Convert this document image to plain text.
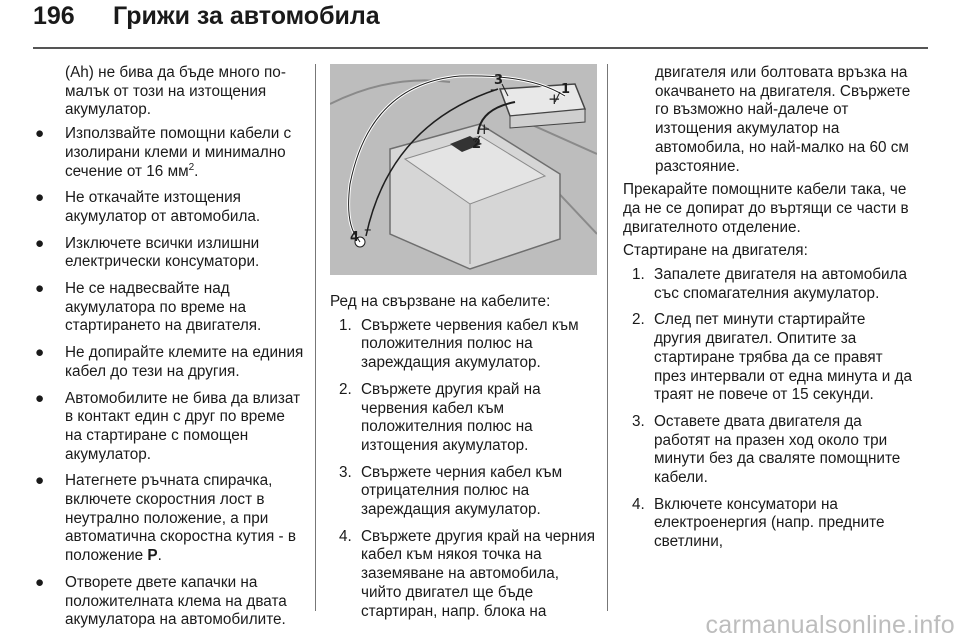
196 Грижи за автомобила

(Ah) не бива да бъде много по-малък от този на изтощения акумулатор.

● Използвайте помощни кабели с изолирани клеми и минимално сечение от 16 $мм^2$.
● Не откачайте изтощения акумулатор от автомобила.
● Изключете всички излишни електрически консуматори.
● Не се надвесвайте над акумулатора по време на стартирането на двигателя.
● Не допирайте клемите на единия кабел до тези на другия.
● Автомобилите не бива да влизат в контакт един с друг по време на стартиране с помощен акумулатор.
● Натегнете ръчната спирачка, включете скоростния лост в неутрално положение, а при автоматична скоростна кутия - в положение P.
● Отворете двете капачки на положителната клема на двата акумулатора на автомобилите.
+
–
+
–
1
3
2
4

Ред на свързване на кабелите:

1. Свържете червения кабел към положителния полюс на зареждащия акумулатор.
2. Свържете другия край на червения кабел към положителния полюс на изтощения акумулатор.
3. Свържете черния кабел към отрицателния полюс на зареждащия акумулатор.
4. Свържете другия край на черния кабел към някоя точка на заземяване на автомобила, чийто двигател ще бъде стартиран, напр. блока на

двигателя или болтовата връзка на окачването на двигателя. Свържете го възможно най-далече от изтощения акумулатор на автомобила, но най-малко на 60 см разстояние.

Прекарайте помощните кабели така, че да не се допират до въртящи се части в двигателното отделение.

Стартиране на двигателя:

1. Запалете двигателя на автомобила със спомагателния акумулатор.
2. След пет минути стартирайте другия двигател. Опитите за стартиране трябва да се правят през интервали от една минута и да траят не повече от 15 секунди.
3. Оставете двата двигателя да работят на празен ход около три минути без да сваляте помощните кабели.
4. Включете консуматори на електроенергия (напр. предните светлини,
carmanualsonline.info
